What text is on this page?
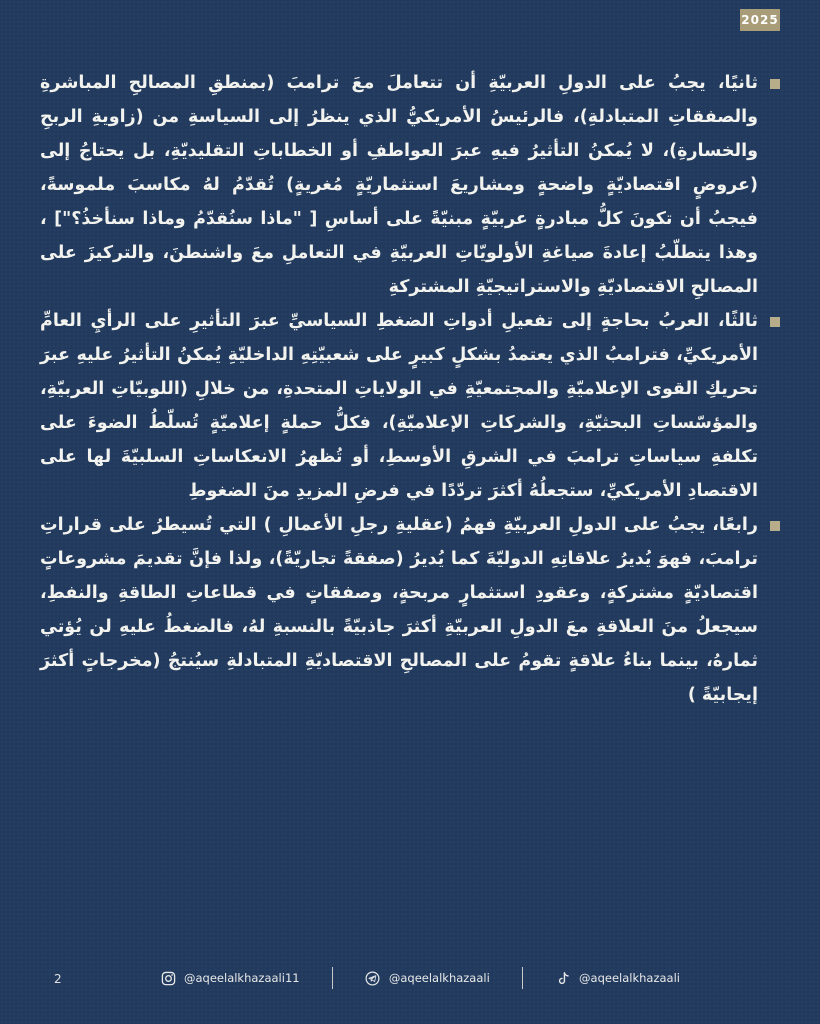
2025

ثانيًا، يجبُ على الدولِ العربيّةِ أن تتعاملَ معَ ترامبَ (بمنطقِ المصالحِ المباشرةِ والصفقاتِ المتبادلةِ)، فالرئيسُ الأمريكيُّ الذي ينظرُ إلى السياسةِ من (زاويةِ الربحِ والخسارةِ)، لا يُمكنُ التأثيرُ فيهِ عبرَ العواطفِ أو الخطاباتِ التقليديّةِ، بل يحتاجُ إلى (عروضٍ اقتصاديّةٍ واضحةٍ ومشاريعَ استثماريّةٍ مُغريةٍ) تُقدّمُ لهُ مكاسبَ ملموسةً، فيجبُ أن تكونَ كلُّ مبادرةٍ عربيّةٍ مبنيّةً على أساسِ [ "ماذا سنُقدّمُ وماذا سنأخذُ؟"] ، وهذا يتطلّبُ إعادةَ صياغةِ الأولويّاتِ العربيّةِ في التعاملِ معَ واشنطنَ، والتركيزَ على المصالحِ الاقتصاديّةِ والاستراتيجيّةِ المشتركةِ

ثالثًا، العربُ بحاجةٍ إلى تفعيلِ أدواتِ الضغطِ السياسيِّ عبرَ التأثيرِ على الرأيِ العامِّ الأمريكيِّ، فترامبُ الذي يعتمدُ بشكلٍ كبيرٍ على شعبيّتِهِ الداخليّةِ يُمكنُ التأثيرُ عليهِ عبرَ تحريكِ القوى الإعلاميّةِ والمجتمعيّةِ في الولاياتِ المتحدةِ، من خلالِ (اللوبيّاتِ العربيّةِ، والمؤسّساتِ البحثيّةِ، والشركاتِ الإعلاميّةِ)، فكلُّ حملةٍ إعلاميّةٍ تُسلّطُ الضوءَ على تكلفةِ سياساتِ ترامبَ في الشرقِ الأوسطِ، أو تُظهرُ الانعكاساتِ السلبيّةَ لها على الاقتصادِ الأمريكيِّ، ستجعلُهُ أكثرَ تردّدًا في فرضِ المزيدِ منَ الضغوطِ

رابعًا، يجبُ على الدولِ العربيّةِ فهمُ (عقليةِ رجلِ الأعمالِ ) التي تُسيطرُ على قراراتِ ترامبَ، فهوَ يُديرُ علاقاتِهِ الدوليّةَ كما يُديرُ (صفقةً تجاريّةً)، ولذا فإنَّ تقديمَ مشروعاتٍ اقتصاديّةٍ مشتركةٍ، وعقودِ استثمارٍ مربحةٍ، وصفقاتٍ في قطاعاتِ الطاقةِ والنفطِ، سيجعلُ منَ العلاقةِ معَ الدولِ العربيّةِ أكثرَ جاذبيّةً بالنسبةِ لهُ، فالضغطُ عليهِ لن يُؤتي ثمارهُ، بينما بناءُ علاقةٍ تقومُ على المصالحِ الاقتصاديّةِ المتبادلةِ سيُنتجُ (مخرجاتٍ أكثرَ إيجابيّةً )

2	@aqeelalkhazaali11	@aqeelalkhazaali	@aqeelalkhazaali
